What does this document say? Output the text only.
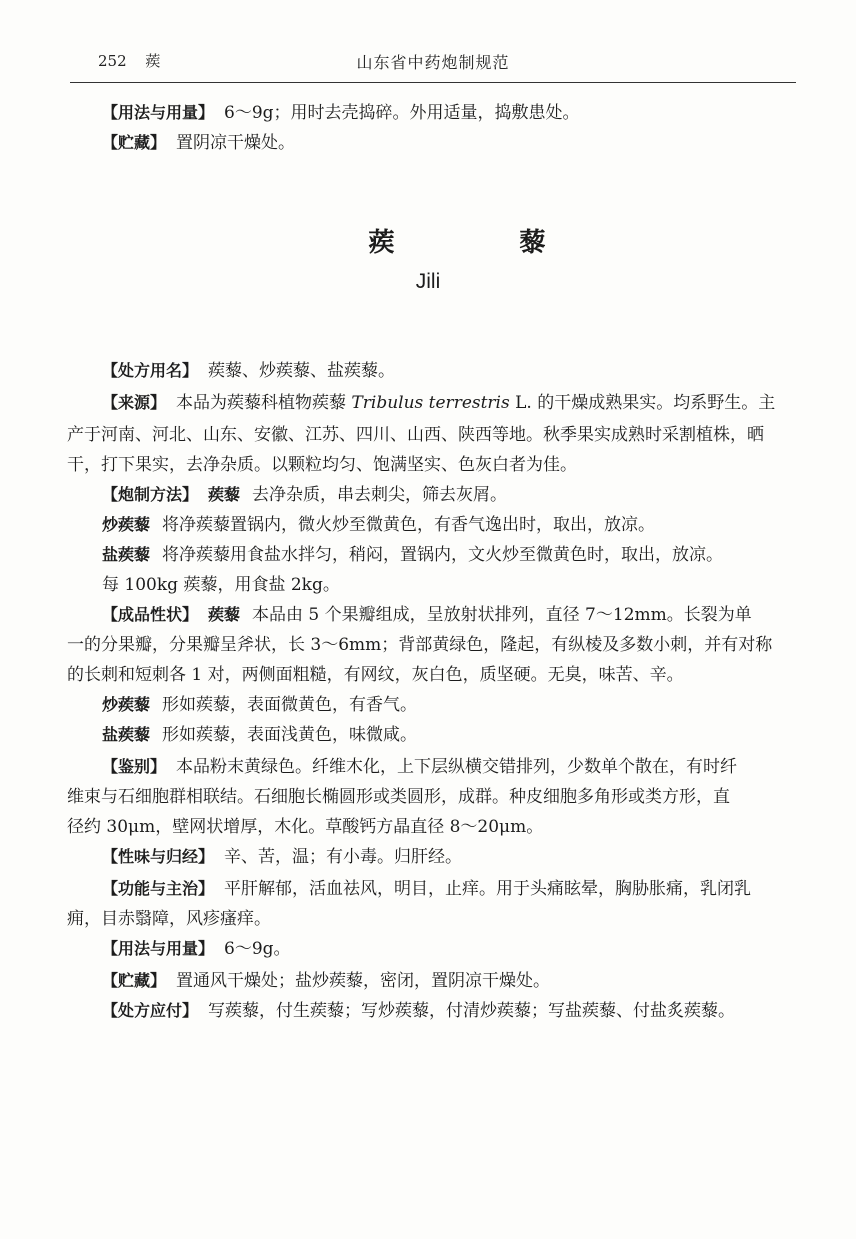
252 蒺	山东省中药炮制规范
【用法与用量】 6～9g；用时去壳捣碎。外用适量，捣敷患处。
【贮藏】 置阴凉干燥处。
蒺 藜
Jili
【处方用名】 蒺藜、炒蒺藜、盐蒺藜。
【来源】 本品为蒺藜科植物蒺藜 Tribulus terrestris L. 的干燥成熟果实。均系野生。主
产于河南、河北、山东、安徽、江苏、四川、山西、陕西等地。秋季果实成熟时采割植株，晒
干，打下果实，去净杂质。以颗粒均匀、饱满坚实、色灰白者为佳。
【炮制方法】 蒺藜 去净杂质，串去刺尖，筛去灰屑。
炒蒺藜 将净蒺藜置锅内，微火炒至微黄色，有香气逸出时，取出，放凉。
盐蒺藜 将净蒺藜用食盐水拌匀，稍闷，置锅内，文火炒至微黄色时，取出，放凉。
每 100kg 蒺藜，用食盐 2kg。
【成品性状】 蒺藜 本品由 5 个果瓣组成，呈放射状排列，直径 7～12mm。长裂为单
一的分果瓣，分果瓣呈斧状，长 3～6mm；背部黄绿色，隆起，有纵棱及多数小刺，并有对称
的长刺和短刺各 1 对，两侧面粗糙，有网纹，灰白色，质坚硬。无臭，味苦、辛。
炒蒺藜 形如蒺藜，表面微黄色，有香气。
盐蒺藜 形如蒺藜，表面浅黄色，味微咸。
【鉴别】 本品粉末黄绿色。纤维木化，上下层纵横交错排列，少数单个散在，有时纤
维束与石细胞群相联结。石细胞长椭圆形或类圆形，成群。种皮细胞多角形或类方形，直
径约 30μm，壁网状增厚，木化。草酸钙方晶直径 8～20μm。
【性味与归经】 辛、苦，温；有小毒。归肝经。
【功能与主治】 平肝解郁，活血祛风，明目，止痒。用于头痛眩晕，胸胁胀痛，乳闭乳
痈，目赤翳障，风疹瘙痒。
【用法与用量】 6～9g。
【贮藏】 置通风干燥处；盐炒蒺藜，密闭，置阴凉干燥处。
【处方应付】 写蒺藜，付生蒺藜；写炒蒺藜，付清炒蒺藜；写盐蒺藜、付盐炙蒺藜。
